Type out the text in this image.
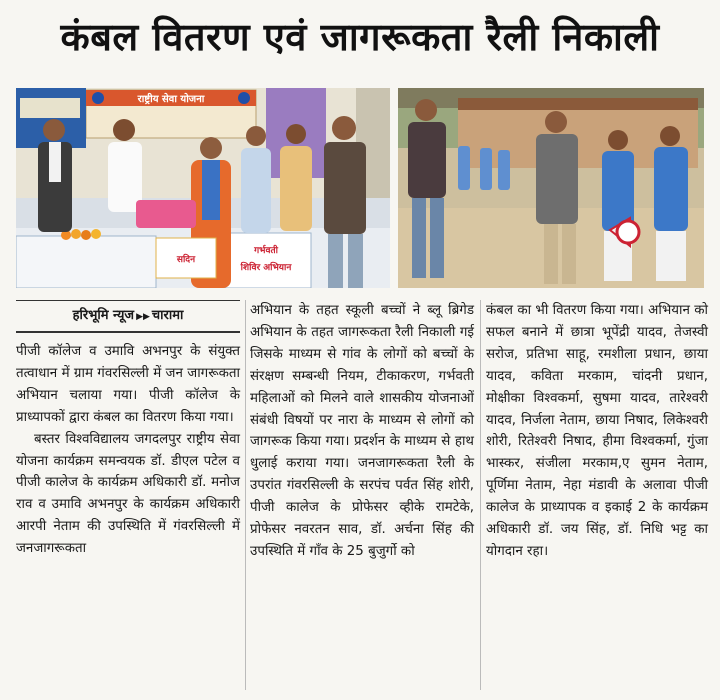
कंबल वितरण एवं जागरूकता रैली निकाली
राष्ट्रीय सेवा योजना
गर्भवती
शिविर अभियान
सदिन
हरिभूमि न्यूज ▶▶ चारामा

पीजी कॉलेज व उमावि अभनपुर के संयुक्त तत्वाधान में ग्राम गंवरसिल्ली में जन जागरूकता अभियान चलाया गया। पीजी कॉलेज के प्राध्यापकों द्वारा कंबल का वितरण किया गया।

बस्तर विश्वविद्यालय जगदलपुर राष्ट्रीय सेवा योजना कार्यक्रम समन्वयक डॉ. डीएल पटेल व पीजी कालेज के कार्यक्रम अधिकारी डॉ. मनोज राव व उमावि अभनपुर के कार्यक्रम अधिकारी आरपी नेताम की उपस्थिति में गंवरसिल्ली में जनजागरूकता

अभियान के तहत स्कूली बच्चों ने ब्लू ब्रिगेड अभियान के तहत जागरूकता रैली निकाली गई जिसके माध्यम से गांव के लोगों को बच्चों के संरक्षण सम्बन्धी नियम, टीकाकरण, गर्भवती महिलाओं को मिलने वाले शासकीय योजनाओं संबंधी विषयों पर नारा के माध्यम से लोगों को जागरूक किया गया। प्रदर्शन के माध्यम से हाथ धुलाई कराया गया। जनजागरूकता रैली के उपरांत गंवरसिल्ली के सरपंच पर्वत सिंह शोरी, पीजी कालेज के प्रोफेसर व्हीके रामटेके, प्रोफेसर नवरतन साव, डॉ. अर्चना सिंह की उपस्थिति में गाँव के 25 बुजुर्गो को

कंबल का भी वितरण किया गया। अभियान को सफल बनाने में छात्रा भूपेंद्री यादव, तेजस्वी सरोज, प्रतिभा साहू, रमशीला प्रधान, छाया यादव, कविता मरकाम, चांदनी प्रधान, मोक्षीका विश्वकर्मा, सुषमा यादव, तारेश्वरी यादव, निर्जला नेताम, छाया निषाद, लिकेश्वरी शोरी, रितेश्वरी निषाद, हीमा विश्वकर्मा, गुंजा भास्कर, संजीला मरकाम,ए सुमन नेताम, पूर्णिमा नेताम, नेहा मंडावी के अलावा पीजी कालेज के प्राध्यापक व इकाई 2 के कार्यक्रम अधिकारी डॉ. जय सिंह, डॉ. निधि भट्ट का योगदान रहा।
